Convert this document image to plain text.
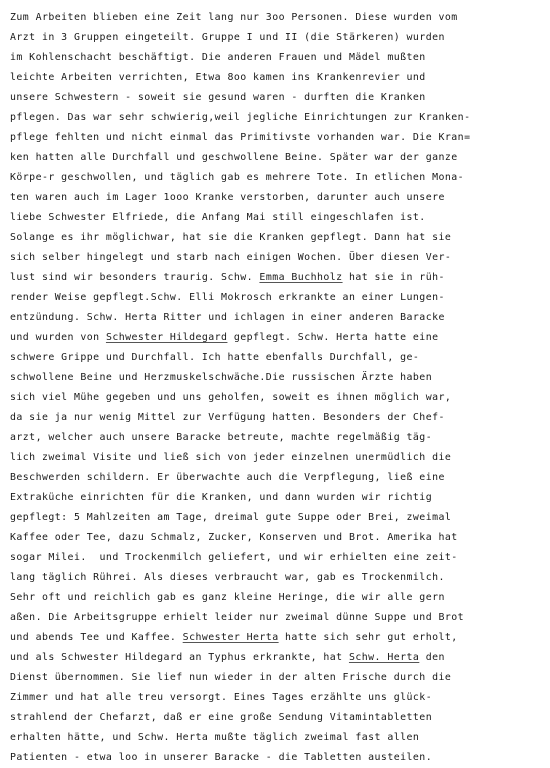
Zum Arbeiten blieben eine Zeit lang nur 3oo Personen. Diese wurden vom
Arzt in 3 Gruppen eingeteilt. Gruppe I und II (die Stärkeren) wurden
im Kohlenschacht beschäftigt. Die anderen Frauen und Mädel mußten
leichte Arbeiten verrichten, Etwa 8oo kamen ins Krankenrevier und
unsere Schwestern - soweit sie gesund waren - durften die Kranken
pflegen. Das war sehr schwierig,weil jegliche Einrichtungen zur Kranken-
pflege fehlten und nicht einmal das Primitivste vorhanden war. Die Kran=
ken hatten alle Durchfall und geschwollene Beine. Später war der ganze
Körpe-r geschwollen, und täglich gab es mehrere Tote. In etlichen Mona-
ten waren auch im Lager 1ooo Kranke verstorben, darunter auch unsere
liebe Schwester Elfriede, die Anfang Mai still eingeschlafen ist.
Solange es ihr möglichwar, hat sie die Kranken gepflegt. Dann hat sie
sich selber hingelegt und starb nach einigen Wochen. Über diesen Ver-
lust sind wir besonders traurig. Schw. Emma Buchholz hat sie in rüh-
render Weise gepflegt.Schw. Elli Mokrosch erkrankte an einer Lungen-
entzündung. Schw. Herta Ritter und ichlagen in einer anderen Baracke
und wurden von Schwester Hildegard gepflegt. Schw. Herta hatte eine
schwere Grippe und Durchfall. Ich hatte ebenfalls Durchfall, ge-
schwollene Beine und Herzmuskelschwäche.Die russischen Ärzte haben
sich viel Mühe gegeben und uns geholfen, soweit es ihnen möglich war,
da sie ja nur wenig Mittel zur Verfügung hatten. Besonders der Chef-
arzt, welcher auch unsere Baracke betreute, machte regelmäßig täg-
lich zweimal Visite und ließ sich von jeder einzelnen unermüdlich die
Beschwerden schildern. Er überwachte auch die Verpflegung, ließ eine
Extraküche einrichten für die Kranken, und dann wurden wir richtig
gepflegt: 5 Mahlzeiten am Tage, dreimal gute Suppe oder Brei, zweimal
Kaffee oder Tee, dazu Schmalz, Zucker, Konserven und Brot. Amerika hat
sogar Milei.  und Trockenmilch geliefert, und wir erhielten eine zeit-
lang täglich Rührei. Als dieses verbraucht war, gab es Trockenmilch.
Sehr oft und reichlich gab es ganz kleine Heringe, die wir alle gern
aßen. Die Arbeitsgruppe erhielt leider nur zweimal dünne Suppe und Brot
und abends Tee und Kaffee. Schwester Herta hatte sich sehr gut erholt,
und als Schwester Hildegard an Typhus erkrankte, hat Schw. Herta den
Dienst übernommen. Sie lief nun wieder in der alten Frische durch die
Zimmer und hat alle treu versorgt. Eines Tages erzählte uns glück-
strahlend der Chefarzt, daß er eine große Sendung Vitamintabletten
erhalten hätte, und Schw. Herta mußte täglich zweimal fast allen
Patienten - etwa loo in unserer Baracke - die Tabletten austeilen.
